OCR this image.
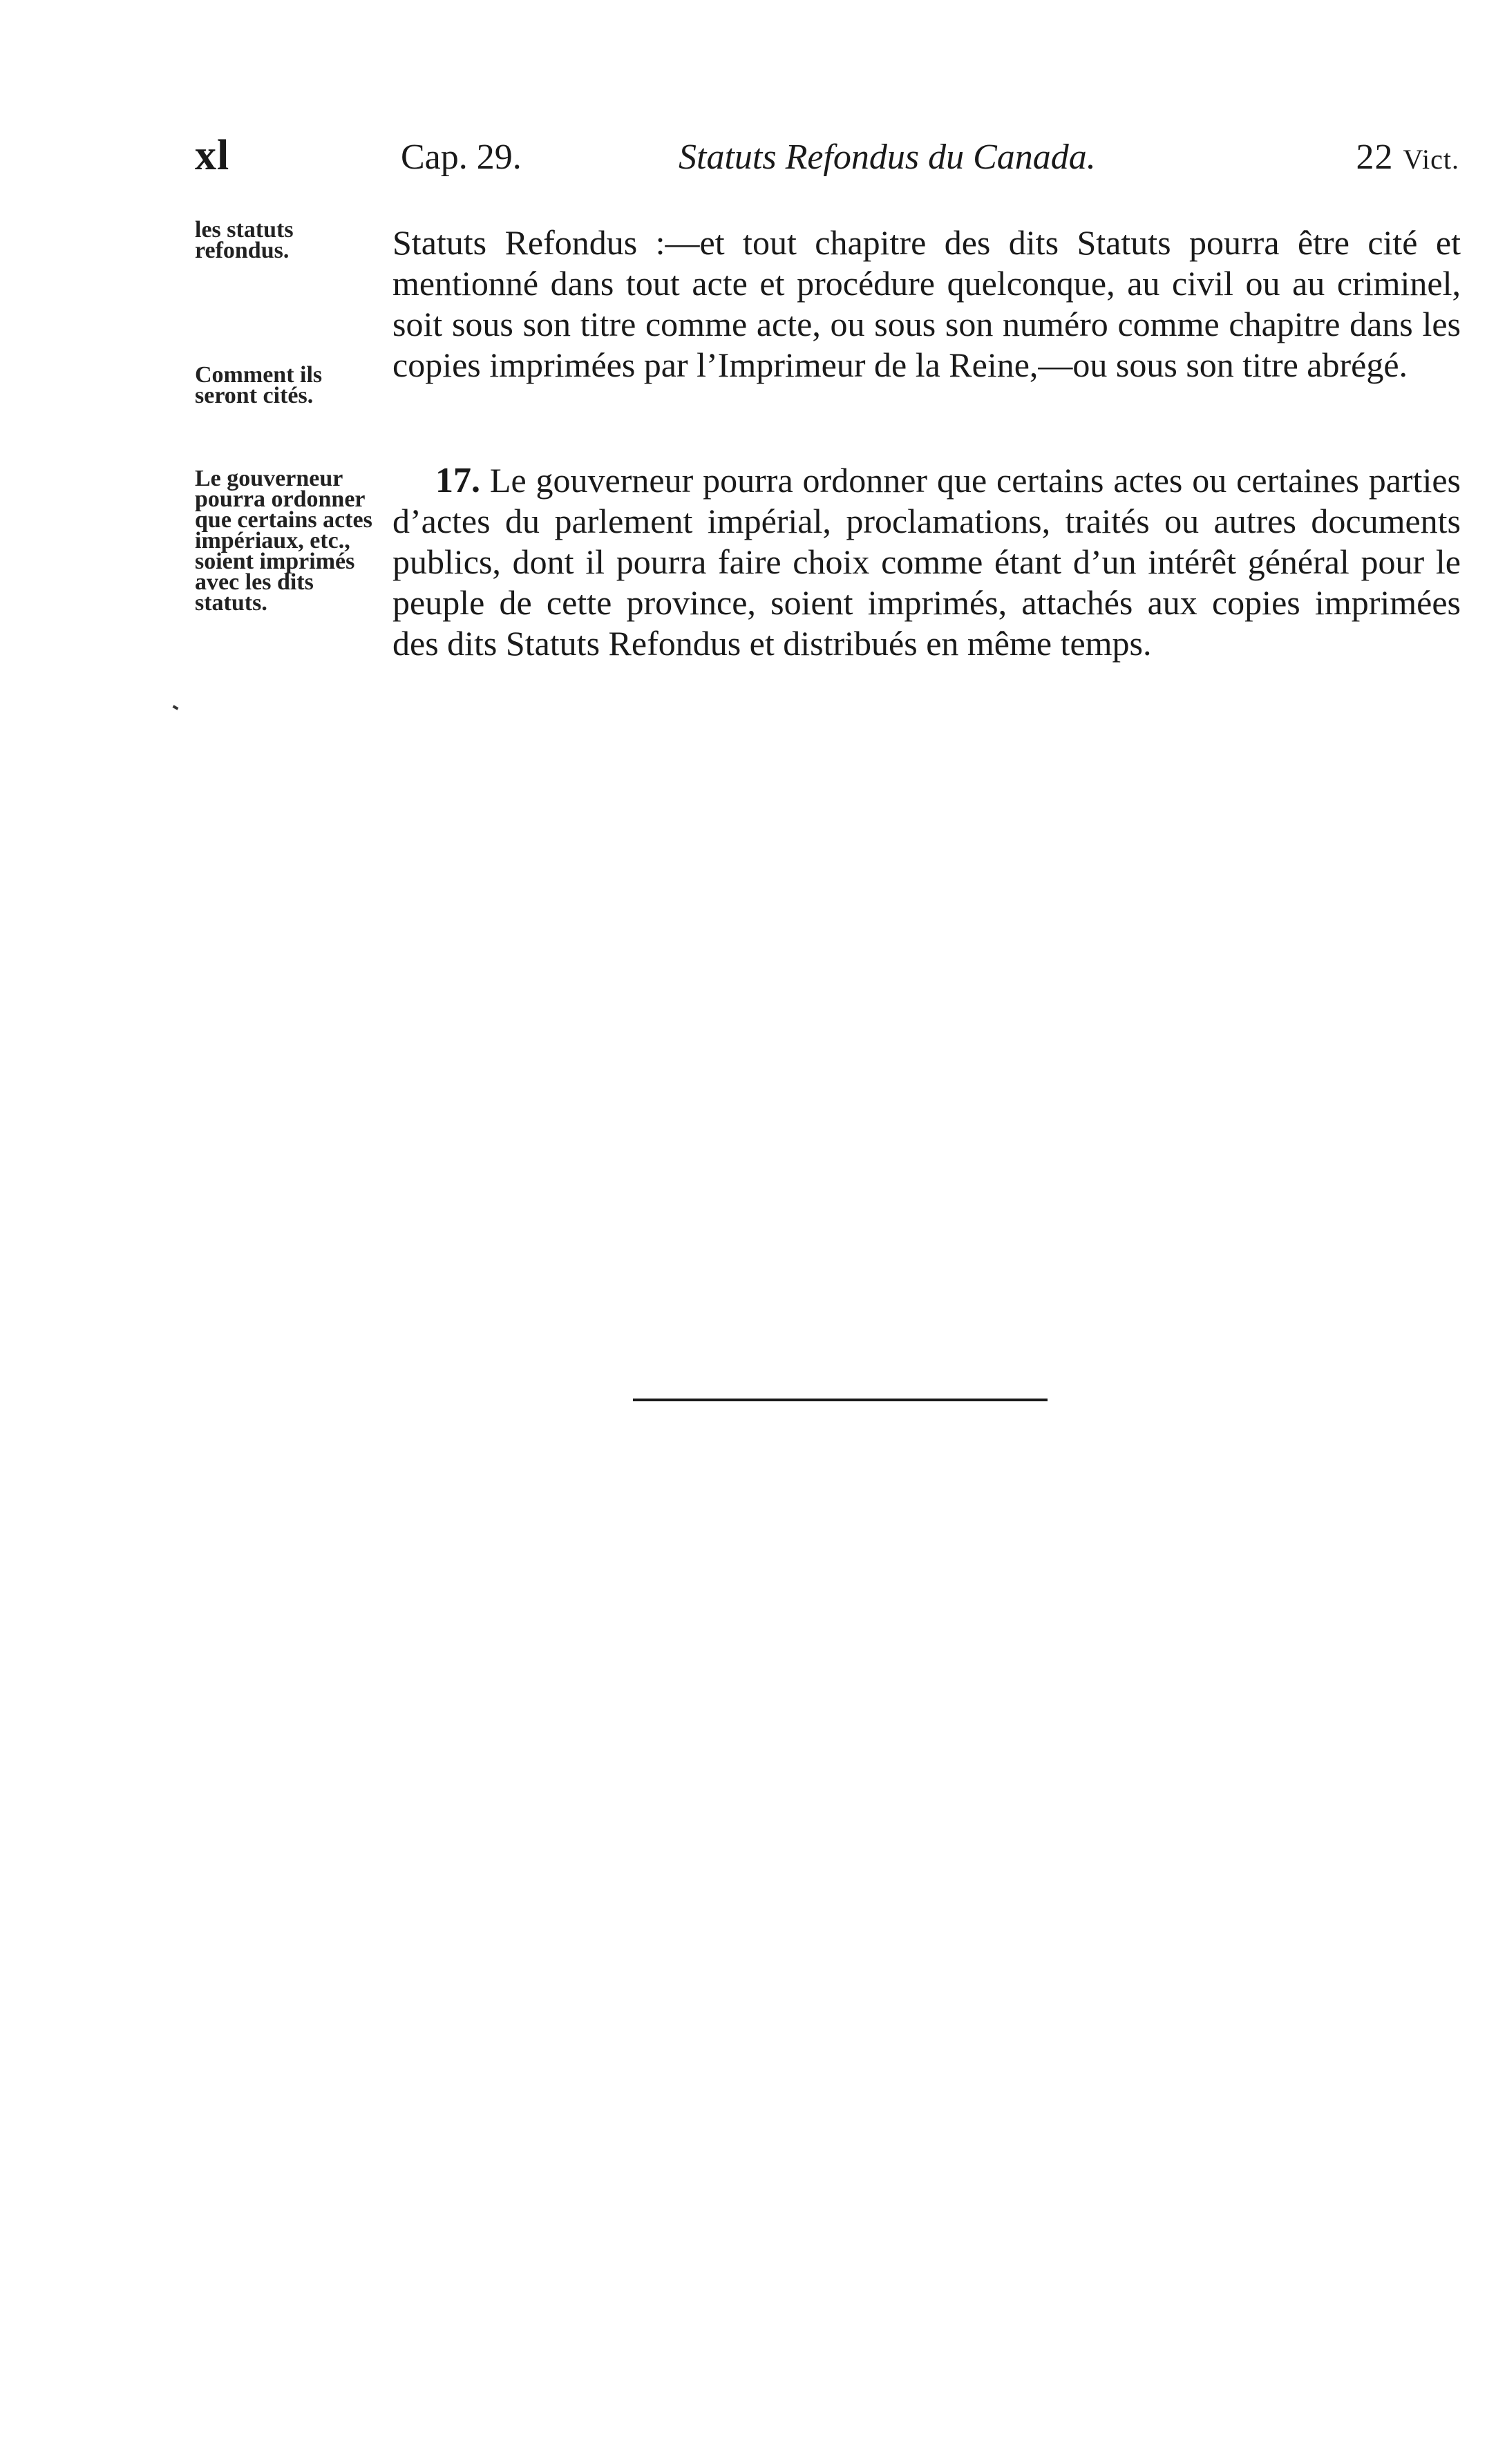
xl	Cap. 29.	Statuts Refondus du Canada.	22 Vict.
les statuts refondus.
Comment ils seront cités.
Le gouverneur pourra ordonner que certains actes impériaux, etc., soient imprimés avec les dits statuts.

Statuts Refondus :—et tout chapitre des dits Statuts pourra être cité et mentionné dans tout acte et procédure quelconque, au civil ou au criminel, soit sous son titre comme acte, ou sous son numéro comme chapitre dans les copies imprimées par l’Imprimeur de la Reine,—ou sous son titre abrégé.

17. Le gouverneur pourra ordonner que certains actes ou certaines parties d’actes du parlement impérial, proclamations, traités ou autres documents publics, dont il pourra faire choix comme étant d’un intérêt général pour le peuple de cette province, soient imprimés, attachés aux copies imprimées des dits Statuts Refondus et distribués en même temps.
